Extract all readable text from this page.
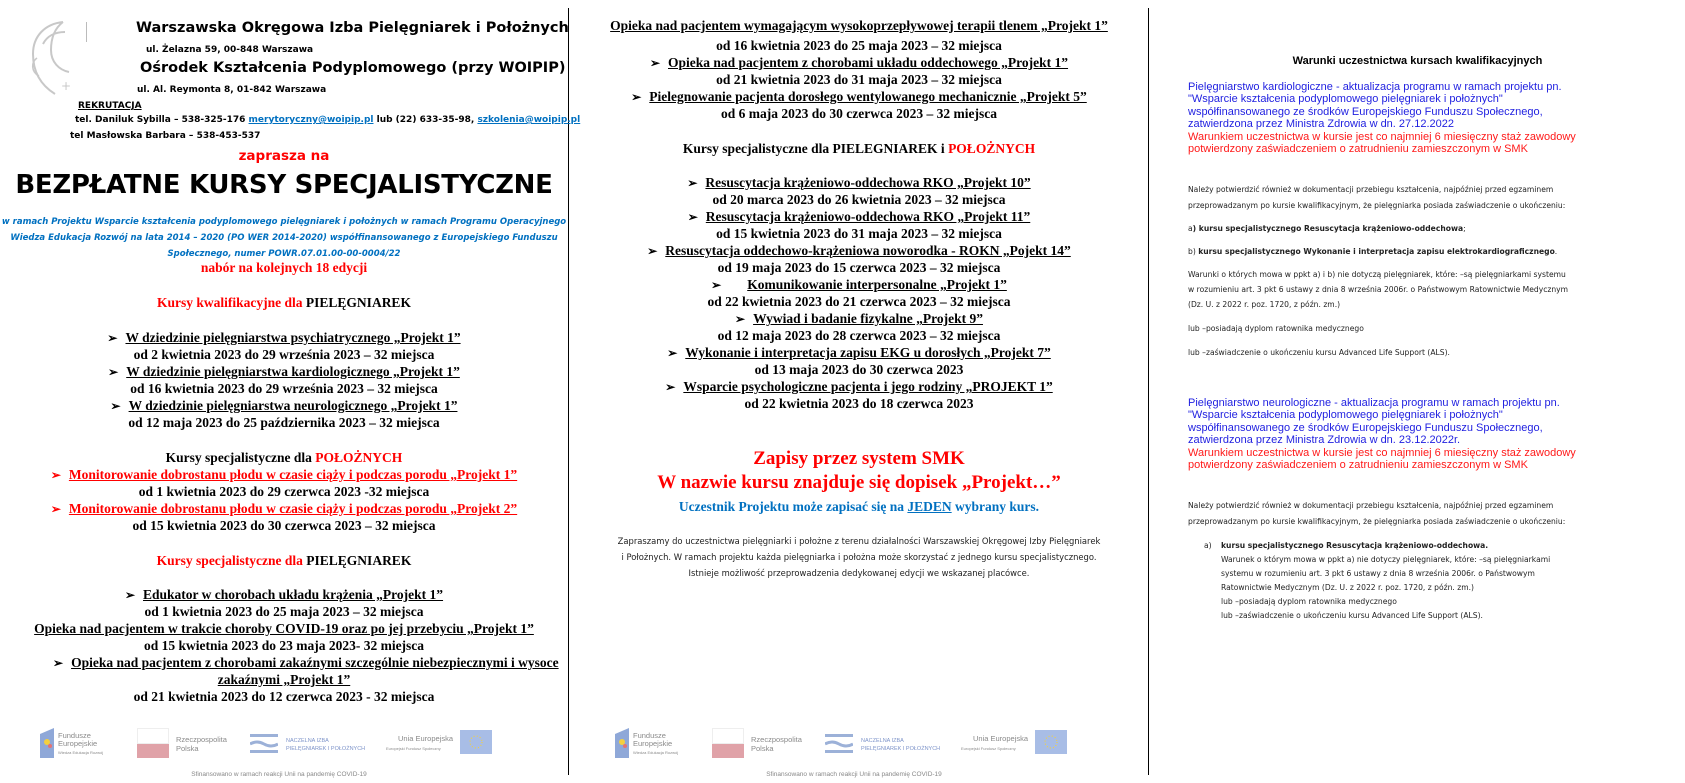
+
Warszawska Okręgowa Izba Pielęgniarek i Położnych
ul. Żelazna 59, 00-848 Warszawa
Ośrodek Kształcenia Podyplomowego (przy WOIPIP)
ul. Al. Reymonta 8, 01-842 Warszawa
REKRUTACJA
tel. Daniluk Sybilla – 538-325-176 merytoryczny@woipip.pl lub (22) 633-35-98, szkolenia@woipip.pl
tel Masłowska Barbara – 538-453-537
zaprasza na
BEZPŁATNE KURSY SPECJALISTYCZNE
w ramach Projektu Wsparcie kształcenia podyplomowego pielęgniarek i położnych w ramach Programu Operacyjnego
Wiedza Edukacja Rozwój na lata 2014 – 2020 (PO WER 2014-2020) współfinansowanego z Europejskiego Funduszu
Społecznego, numer POWR.07.01.00-00-0004/22
nabór na kolejnych 18 edycji
Kursy kwalifikacyjne dla PIELĘGNIAREK
➢ W dziedzinie pielęgniarstwa psychiatrycznego „Projekt 1”
od 2 kwietnia 2023 do 29 września 2023 – 32 miejsca
➢ W dziedzinie pielęgniarstwa kardiologicznego „Projekt 1”
od 16 kwietnia 2023 do 29 września 2023 – 32 miejsca
➢ W dziedzinie pielęgniarstwa neurologicznego „Projekt 1”
od 12 maja 2023 do 25 października 2023 – 32 miejsca
Kursy specjalistyczne dla POŁOŻNYCH
➢ Monitorowanie dobrostanu płodu w czasie ciąży i podczas porodu „Projekt 1”
od 1 kwietnia 2023 do 29 czerwca 2023 -32 miejsca
➢ Monitorowanie dobrostanu płodu w czasie ciąży i podczas porodu „Projekt 2”
od 15 kwietnia 2023 do 30 czerwca 2023 – 32 miejsca
Kursy specjalistyczne dla PIELĘGNIAREK
➢ Edukator w chorobach układu krążenia „Projekt 1”
od 1 kwietnia 2023 do 25 maja 2023 – 32 miejsca
Opieka nad pacjentem w trakcie choroby COVID-19 oraz po jej przebyciu „Projekt 1”
od 15 kwietnia 2023 do 23 maja 2023- 32 miejsca
➢ Opieka nad pacjentem z chorobami zakaźnymi szczególnie niebezpiecznymi i wysoce
zakaźnymi „Projekt 1”
od 21 kwietnia 2023 do 12 czerwca 2023 - 32 miejsca
Fundusze
Europejskie
Wiedza Edukacja Rozwój
Rzeczpospolita
Polska
NACZELNA IZBA
PIELĘGNIAREK I POŁOŻNYCH
Unia Europejska
Europejski Fundusz Społeczny
Sfinansowano w ramach reakcji Unii na pandemię COVID-19
Opieka nad pacjentem wymagającym wysokoprzepływowej terapii tlenem „Projekt 1”
od 16 kwietnia 2023 do 25 maja 2023 – 32 miejsca
➢ Opieka nad pacjentem z chorobami układu oddechowego „Projekt 1”
od 21 kwietnia 2023 do 31 maja 2023 – 32 miejsca
➢ Pielegnowanie pacjenta dorosłego wentylowanego mechanicznie „Projekt 5”
od 6 maja 2023 do 30 czerwca 2023 – 32 miejsca
Kursy specjalistyczne dla PIELEGNIAREK i POŁOŻNYCH
➢ Resuscytacja krążeniowo-oddechowa RKO „Projekt 10”
od 20 marca 2023 do 26 kwietnia 2023 – 32 miejsca
➢ Resuscytacja krążeniowo-oddechowa RKO „Projekt 11”
od 15 kwietnia 2023 do 31 maja 2023 – 32 miejsca
➢ Resuscytacja oddechowo-krążeniowa noworodka - ROKN „Pojekt 14”
od 19 maja 2023 do 15 czerwca 2023 – 32 miejsca
➢ Komunikowanie interpersonalne „Projekt 1”
od 22 kwietnia 2023 do 21 czerwca 2023 – 32 miejsca
➢ Wywiad i badanie fizykalne „Projekt 9”
od 12 maja 2023 do 28 czerwca 2023 – 32 miejsca
➢ Wykonanie i interpretacja zapisu EKG u dorosłych „Projekt 7”
od 13 maja 2023 do 30 czerwca 2023
➢ Wsparcie psychologiczne pacjenta i jego rodziny „PROJEKT 1”
od 22 kwietnia 2023 do 18 czerwca 2023
Zapisy przez system SMK
W nazwie kursu znajduje się dopisek „Projekt…”
Uczestnik Projektu może zapisać się na JEDEN wybrany kurs.
Zapraszamy do uczestnictwa pielęgniarki i położne z terenu działalności Warszawskiej Okręgowej Izby Pielęgniarek
i Położnych. W ramach projektu każda pielęgniarka i położna może skorzystać z jednego kursu specjalistycznego.
Istnieje możliwość przeprowadzenia dedykowanej edycji we wskazanej placówce.
Fundusze
Europejskie
Wiedza Edukacja Rozwój
Rzeczpospolita
Polska
NACZELNA IZBA
PIELĘGNIAREK I POŁOŻNYCH
Unia Europejska
Europejski Fundusz Społeczny
Sfinansowano w ramach reakcji Unii na pandemię COVID-19
Warunki uczestnictwa kursach kwalifikacyjnych
Pielęgniarstwo kardiologiczne - aktualizacja programu w ramach projektu pn.
"Wsparcie kształcenia podyplomowego pielęgniarek i położnych"
współfinansowanego ze środków Europejskiego Funduszu Społecznego,
zatwierdzona przez Ministra Zdrowia w dn. 27.12.2022
Warunkiem uczestnictwa w kursie jest co najmniej 6 miesięczny staż zawodowy
potwierdzony zaświadczeniem o zatrudnieniu zamieszczonym w SMK
Należy potwierdzić również w dokumentacji przebiegu kształcenia, najpóźniej przed egzaminem
przeprowadzanym po kursie kwalifikacyjnym, że pielęgniarka posiada zaświadczenie o ukończeniu:
a) kursu specjalistycznego Resuscytacja krążeniowo-oddechowa;
b) kursu specjalistycznego Wykonanie i interpretacja zapisu elektrokardiograficznego.
Warunki o których mowa w ppkt a) i b) nie dotyczą pielęgniarek, które: –są pielęgniarkami systemu
w rozumieniu art. 3 pkt 6 ustawy z dnia 8 września 2006r. o Państwowym Ratownictwie Medycznym
(Dz. U. z 2022 r. poz. 1720, z późn. zm.)
lub –posiadają dyplom ratownika medycznego
lub –zaświadczenie o ukończeniu kursu Advanced Life Support (ALS).
Pielęgniarstwo neurologiczne - aktualizacja programu w ramach projektu pn.
"Wsparcie kształcenia podyplomowego pielęgniarek i położnych"
współfinansowanego ze środków Europejskiego Funduszu Społecznego,
zatwierdzona przez Ministra Zdrowia w dn. 23.12.2022r.
Warunkiem uczestnictwa w kursie jest co najmniej 6 miesięczny staż zawodowy
potwierdzony zaświadczeniem o zatrudnieniu zamieszczonym w SMK
Należy potwierdzić również w dokumentacji przebiegu kształcenia, najpóźniej przed egzaminem
przeprowadzanym po kursie kwalifikacyjnym, że pielęgniarka posiada zaświadczenie o ukończeniu:
a) kursu specjalistycznego Resuscytacja krążeniowo-oddechowa.
Warunek o którym mowa w ppkt a) nie dotyczy pielęgniarek, które: –są pielęgniarkami
systemu w rozumieniu art. 3 pkt 6 ustawy z dnia 8 września 2006r. o Państwowym
Ratownictwie Medycznym (Dz. U. z 2022 r. poz. 1720, z późn. zm.)
lub –posiadają dyplom ratownika medycznego
lub –zaświadczenie o ukończeniu kursu Advanced Life Support (ALS).
